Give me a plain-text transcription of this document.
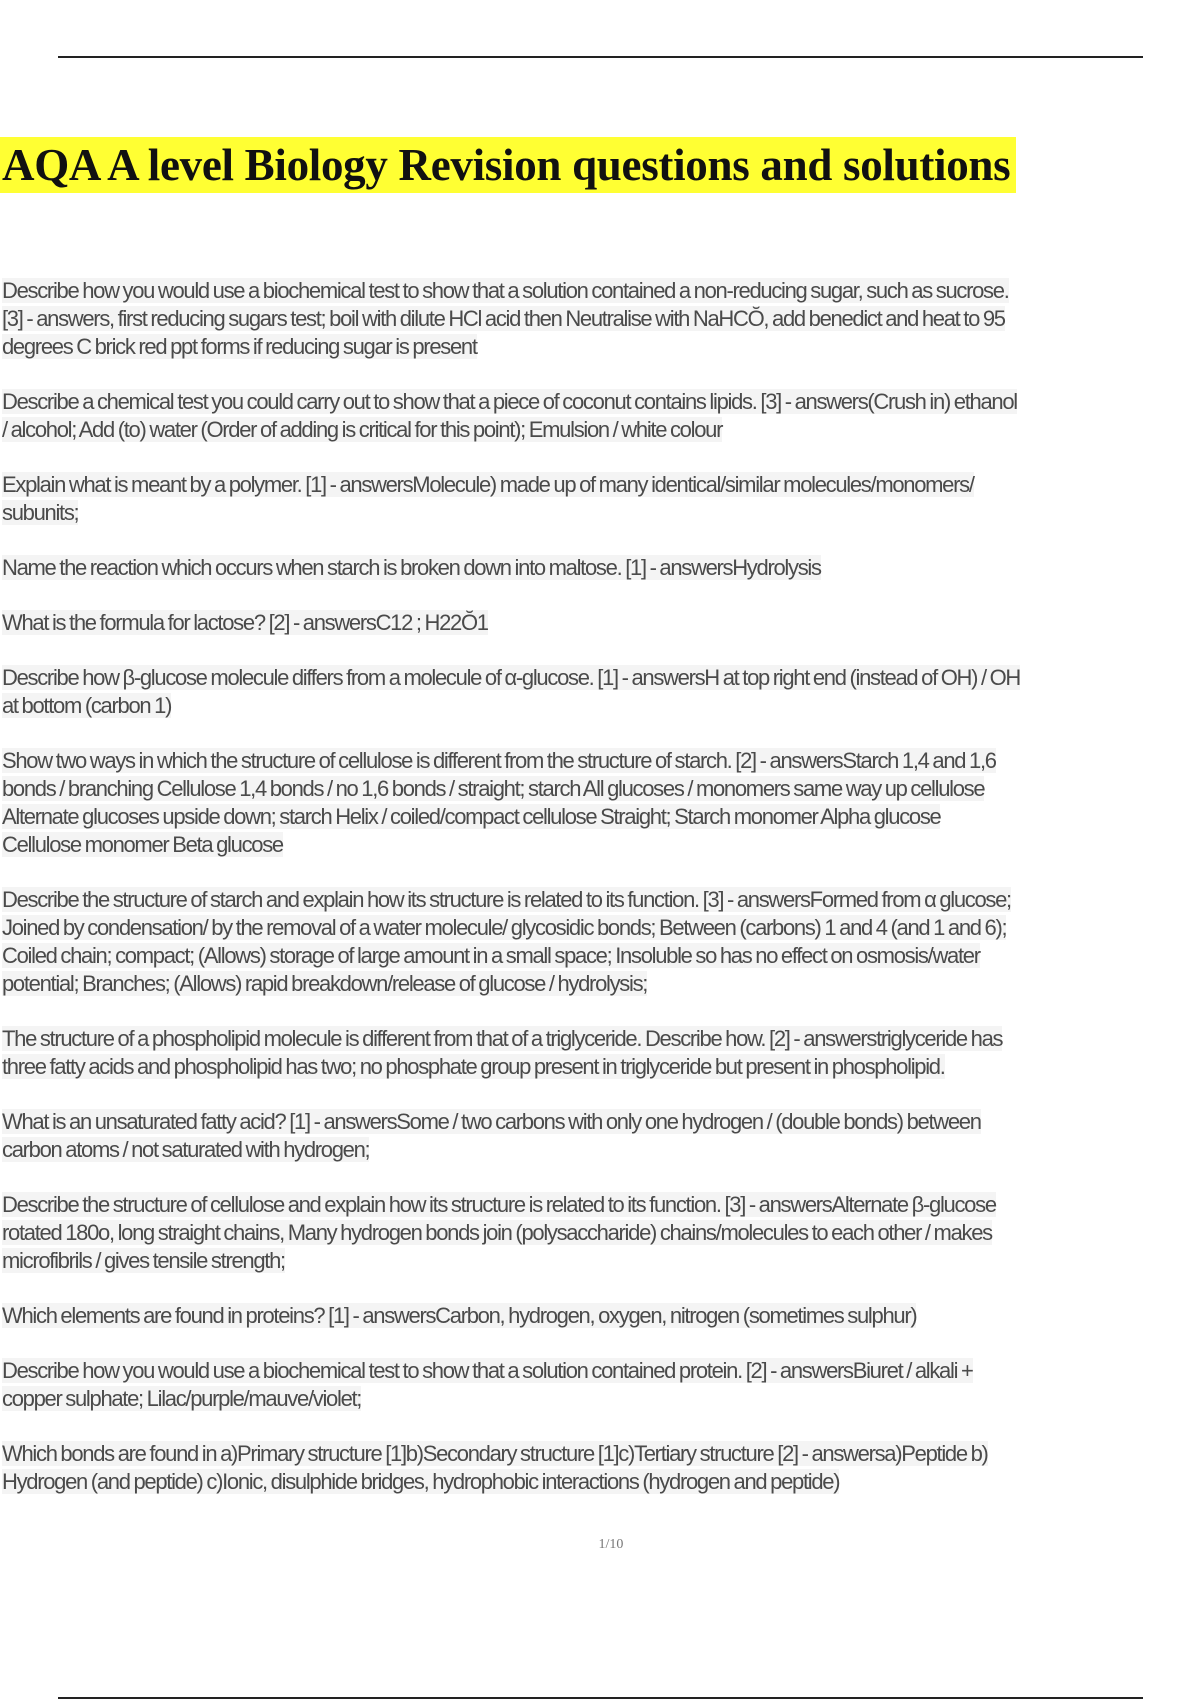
AQA A level Biology Revision questions and solutions
Describe how you would use a biochemical test to show that a solution contained a non-reducing sugar, such as sucrose.
[3] - answers, first reducing sugars test; boil with dilute HCl acid then Neutralise with NaHCŎ, add benedict and heat to 95
degrees C brick red ppt forms if reducing sugar is present
Describe a chemical test you could carry out to show that a piece of coconut contains lipids. [3] - answers(Crush in) ethanol
/ alcohol; Add (to) water (Order of adding is critical for this point); Emulsion / white colour
Explain what is meant by a polymer. [1] - answersMolecule) made up of many identical/similar molecules/monomers/
subunits;
Name the reaction which occurs when starch is broken down into maltose. [1] - answersHydrolysis
What is the formula for lactose? [2] - answersC12 ; H22Ŏ1
Describe how β-glucose molecule differs from a molecule of α-glucose. [1] - answersH at top right end (instead of OH) / OH
at bottom (carbon 1)
Show two ways in which the structure of cellulose is different from the structure of starch. [2] - answersStarch 1,4 and 1,6
bonds / branching Cellulose 1,4 bonds / no 1,6 bonds / straight; starch All glucoses / monomers same way up cellulose
Alternate glucoses upside down; starch Helix / coiled/compact cellulose Straight; Starch monomer Alpha glucose
Cellulose monomer Beta glucose
Describe the structure of starch and explain how its structure is related to its function. [3] - answersFormed from α glucose;
Joined by condensation/ by the removal of a water molecule/ glycosidic bonds; Between (carbons) 1 and 4 (and 1 and 6);
Coiled chain; compact; (Allows) storage of large amount in a small space; Insoluble so has no effect on osmosis/water
potential; Branches; (Allows) rapid breakdown/release of glucose / hydrolysis;
The structure of a phospholipid molecule is different from that of a triglyceride. Describe how. [2] - answerstriglyceride has
three fatty acids and phospholipid has two; no phosphate group present in triglyceride but present in phospholipid.
What is an unsaturated fatty acid? [1] - answersSome / two carbons with only one hydrogen / (double bonds) between
carbon atoms / not saturated with hydrogen;
Describe the structure of cellulose and explain how its structure is related to its function. [3] - answersAlternate β-glucose
rotated 180o, long straight chains, Many hydrogen bonds join (polysaccharide) chains/molecules to each other / makes
microfibrils / gives tensile strength;
Which elements are found in proteins? [1] - answersCarbon, hydrogen, oxygen, nitrogen (sometimes sulphur)
Describe how you would use a biochemical test to show that a solution contained protein. [2] - answersBiuret / alkali +
copper sulphate; Lilac/purple/mauve/violet;
Which bonds are found in a)Primary structure [1]b)Secondary structure [1]c)Tertiary structure [2] - answersa)Peptide b)
Hydrogen (and peptide) c)Ionic, disulphide bridges, hydrophobic interactions (hydrogen and peptide)
1/10
